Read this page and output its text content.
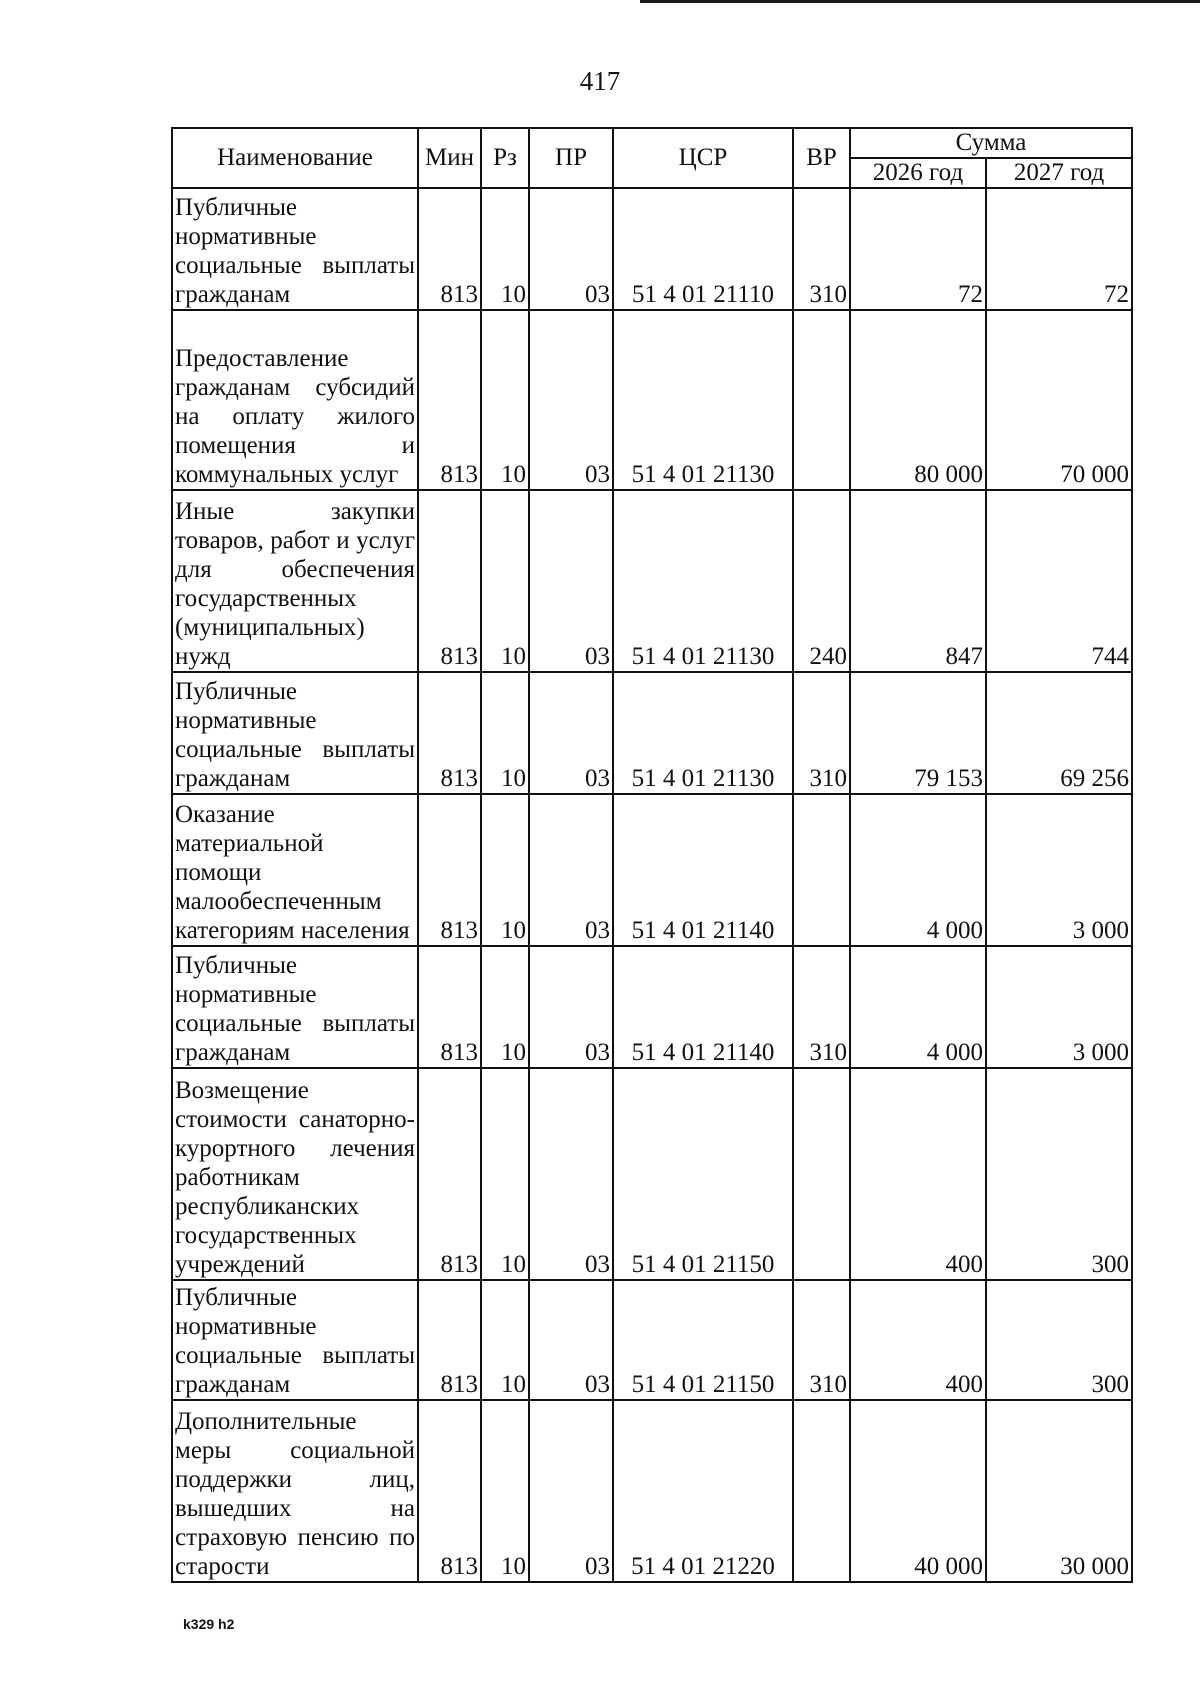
417
Наименование	Мин	Рз	ПР	ЦСР	ВР	Сумма	
						2026 год	2027 год
Публичные нормативные социальные выплаты гражданам	813	10	03	51 4 01 21110	310	72	72
Предоставление гражданам субсидий на оплату жилого помещения и коммунальных услуг	813	10	03	51 4 01 21130		80 000	70 000
Иные закупки товаров, работ и услуг для обеспечения государственных (муниципальных) нужд	813	10	03	51 4 01 21130	240	847	744
Публичные нормативные социальные выплаты гражданам	813	10	03	51 4 01 21130	310	79 153	69 256
Оказание материальной помощи малообеспеченным категориям населения	813	10	03	51 4 01 21140		4 000	3 000
Публичные нормативные социальные выплаты гражданам	813	10	03	51 4 01 21140	310	4 000	3 000
Возмещение стоимости санаторно-курортного лечения работникам республиканских государственных учреждений	813	10	03	51 4 01 21150		400	300
Публичные нормативные социальные выплаты гражданам	813	10	03	51 4 01 21150	310	400	300
Дополнительные меры социальной поддержки лиц, вышедших на страховую пенсию по старости	813	10	03	51 4 01 21220		40 000	30 000
k329 h2
